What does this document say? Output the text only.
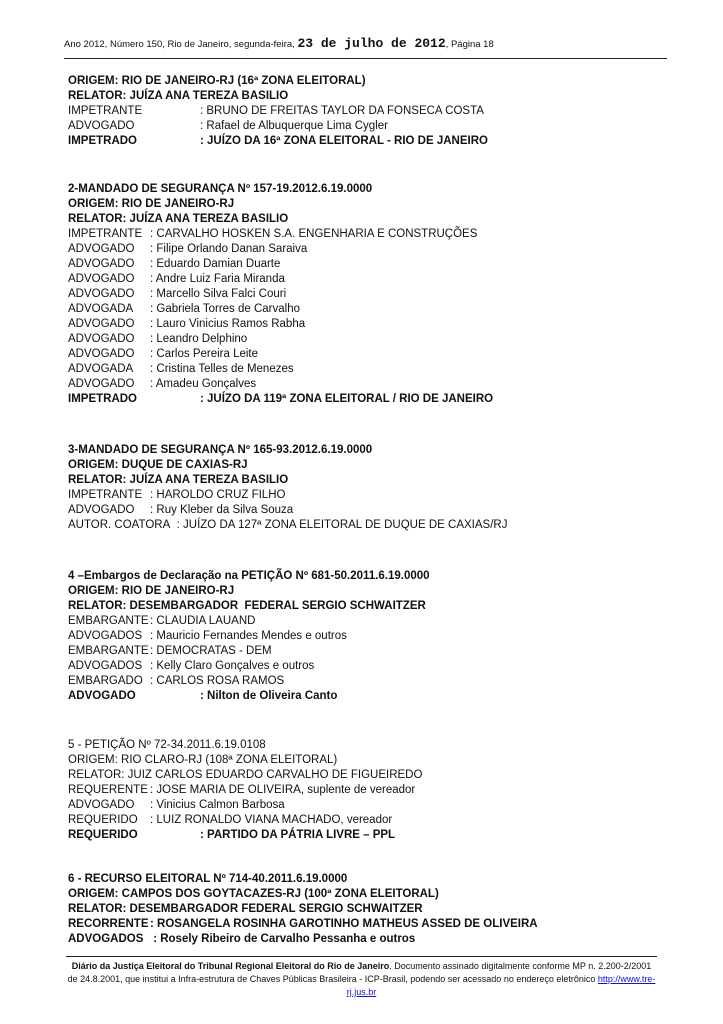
Ano 2012, Número 150, Rio de Janeiro, segunda-feira, 23 de julho de 2012, Página 18
ORIGEM: RIO DE JANEIRO-RJ (16ª ZONA ELEITORAL)
RELATOR: JUÍZA ANA TEREZA BASILIO
IMPETRANTE	: BRUNO DE FREITAS TAYLOR DA FONSECA COSTA
ADVOGADO	: Rafael de Albuquerque Lima Cygler
IMPETRADO	: JUÍZO DA 16ª ZONA ELEITORAL - RIO DE JANEIRO
2-MANDADO DE SEGURANÇA Nº 157-19.2012.6.19.0000
ORIGEM: RIO DE JANEIRO-RJ
RELATOR: JUÍZA ANA TEREZA BASILIO
IMPETRANTE : CARVALHO HOSKEN S.A. ENGENHARIA E CONSTRUÇÕES
ADVOGADO	: Filipe Orlando Danan Saraiva
ADVOGADO	: Eduardo Damian Duarte
ADVOGADO	: Andre Luiz Faria Miranda
ADVOGADO	: Marcello Silva Falci Couri
ADVOGADA	: Gabriela Torres de Carvalho
ADVOGADO	: Lauro Vinicius Ramos Rabha
ADVOGADO	: Leandro Delphino
ADVOGADO	: Carlos Pereira Leite
ADVOGADA	: Cristina Telles de Menezes
ADVOGADO	: Amadeu Gonçalves
IMPETRADO	: JUÍZO DA 119ª ZONA ELEITORAL / RIO DE JANEIRO
3-MANDADO DE SEGURANÇA Nº 165-93.2012.6.19.0000
ORIGEM: DUQUE DE CAXIAS-RJ
RELATOR: JUÍZA ANA TEREZA BASILIO
IMPETRANTE : HAROLDO CRUZ FILHO
ADVOGADO	: Ruy Kleber da Silva Souza
AUTOR. COATORA : JUÍZO DA 127ª ZONA ELEITORAL DE DUQUE DE CAXIAS/RJ
4 –Embargos de Declaração na PETIÇÃO Nº 681-50.2011.6.19.0000
ORIGEM: RIO DE JANEIRO-RJ
RELATOR: DESEMBARGADOR  FEDERAL SERGIO SCHWAITZER
EMBARGANTE : CLAUDIA LAUAND
ADVOGADOS : Mauricio Fernandes Mendes e outros
EMBARGANTE : DEMOCRATAS - DEM
ADVOGADOS : Kelly Claro Gonçalves e outros
EMBARGADO : CARLOS ROSA RAMOS
ADVOGADO	: Nilton de Oliveira Canto
5 - PETIÇÃO Nº 72-34.2011.6.19.0108
ORIGEM: RIO CLARO-RJ (108ª ZONA ELEITORAL)
RELATOR: JUIZ CARLOS EDUARDO CARVALHO DE FIGUEIREDO
REQUERENTE : JOSE MARIA DE OLIVEIRA, suplente de vereador
ADVOGADO	: Vinicius Calmon Barbosa
REQUERIDO	: LUIZ RONALDO VIANA MACHADO, vereador
REQUERIDO	: PARTIDO DA PÁTRIA LIVRE – PPL
6 - RECURSO ELEITORAL Nº 714-40.2011.6.19.0000
ORIGEM: CAMPOS DOS GOYTACAZES-RJ (100ª ZONA ELEITORAL)
RELATOR: DESEMBARGADOR FEDERAL SERGIO SCHWAITZER
RECORRENTE : ROSANGELA ROSINHA GAROTINHO MATHEUS ASSED DE OLIVEIRA
ADVOGADOS : Rosely Ribeiro de Carvalho Pessanha e outros
Diário da Justiça Eleitoral do Tribunal Regional Eleitoral do Rio de Janeiro. Documento assinado digitalmente conforme MP n. 2.200-2/2001 de 24.8.2001, que institui a Infra-estrutura de Chaves Públicas Brasileira - ICP-Brasil, podendo ser acessado no endereço eletrônico http://www.tre-rj.jus.br
